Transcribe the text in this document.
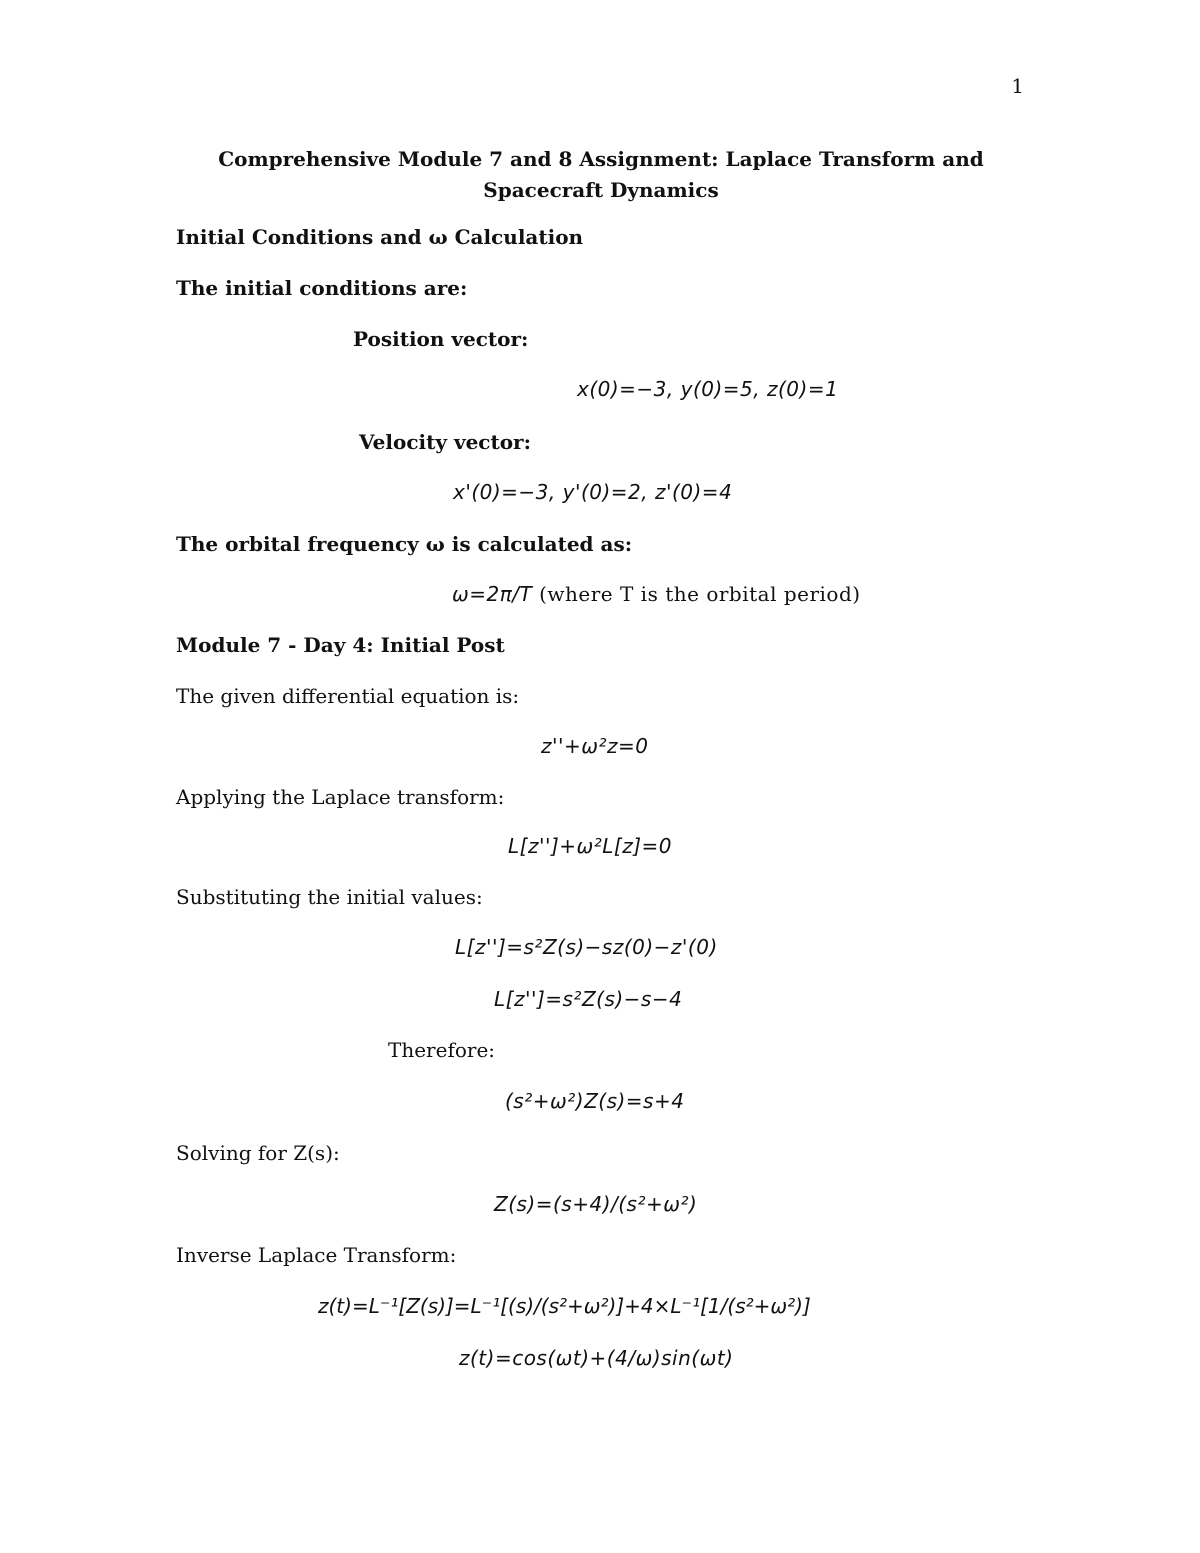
1
Comprehensive Module 7 and 8 Assignment: Laplace Transform and Spacecraft Dynamics
Initial Conditions and ω Calculation
The initial conditions are:
Position vector:
x(0)=−3, y(0)=5, z(0)=1
Velocity vector:
x'(0)=−3, y'(0)=2, z'(0)=4
The orbital frequency ω is calculated as:
ω=2π/T (where T is the orbital period)
Module 7 - Day 4: Initial Post
The given differential equation is:
z''+ω²z=0
Applying the Laplace transform:
L[z'']+ω²L[z]=0
Substituting the initial values:
L[z'']=s²Z(s)−sz(0)−z'(0)
L[z'']=s²Z(s)−s−4
Therefore:
(s²+ω²)Z(s)=s+4
Solving for Z(s):
Z(s)=(s+4)/(s²+ω²)
Inverse Laplace Transform:
z(t)=L⁻¹[Z(s)]=L⁻¹[(s)/(s²+ω²)]+4×L⁻¹[1/(s²+ω²)]
z(t)=cos(ωt)+(4/ω)sin(ωt)
